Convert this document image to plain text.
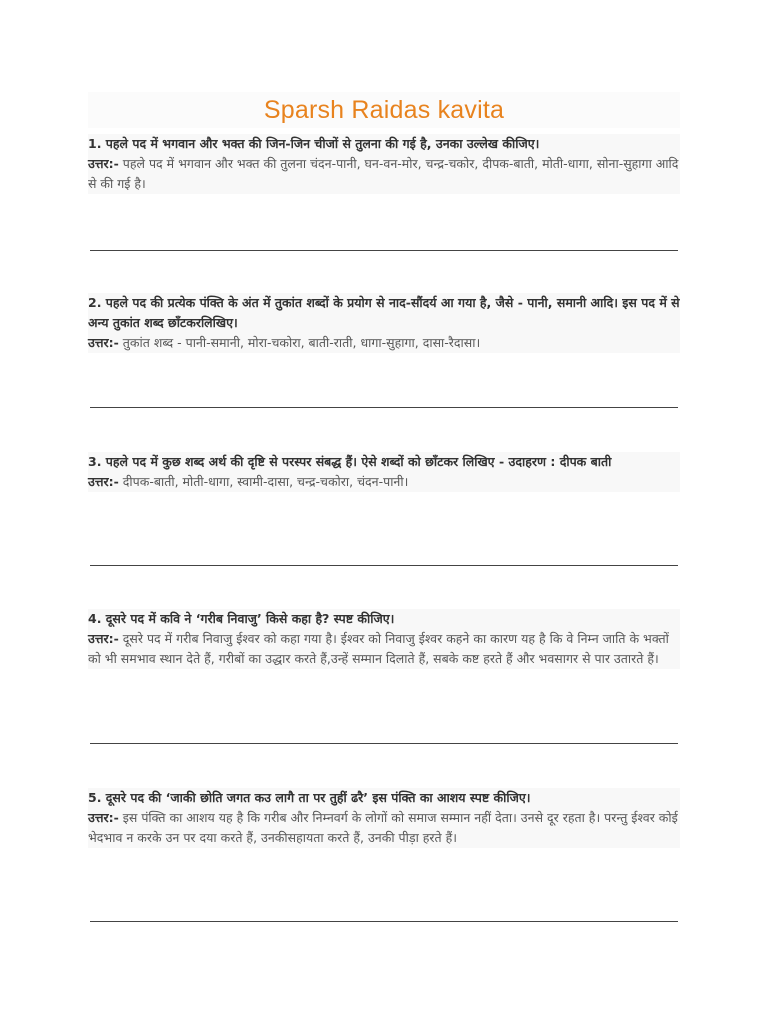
Sparsh Raidas kavita
1. पहले पद में भगवान और भक्त की जिन-जिन चीजों से तुलना की गई है, उनका उल्लेख कीजिए।
उत्तर:- पहले पद में भगवान और भक्त की तुलना चंदन-पानी, घन-वन-मोर, चन्द्र-चकोर, दीपक-बाती, मोती-धागा, सोना-सुहागा आदि से की गई है।
2. पहले पद की प्रत्येक पंक्ति के अंत में तुकांत शब्दों के प्रयोग से नाद-सौंदर्य आ गया है, जैसे - पानी, समानी आदि। इस पद में से अन्य तुकांत शब्द छाँटकरलिखिए।
उत्तर:- तुकांत शब्द - पानी-समानी, मोरा-चकोरा, बाती-राती, धागा-सुहागा, दासा-रैदासा।
3. पहले पद में कुछ शब्द अर्थ की दृष्टि से परस्पर संबद्ध हैं। ऐसे शब्दों को छाँटकर लिखिए - उदाहरण : दीपक बाती
उत्तर:- दीपक-बाती, मोती-धागा, स्वामी-दासा, चन्द्र-चकोरा, चंदन-पानी।
4. दूसरे पद में कवि ने ‘गरीब निवाजु’ किसे कहा है? स्पष्ट कीजिए।
उत्तर:- दूसरे पद में गरीब निवाजु ईश्वर को कहा गया है। ईश्वर को निवाजु ईश्वर कहने का कारण यह है कि वे निम्न जाति के भक्तों को भी समभाव स्थान देते हैं, गरीबों का उद्धार करते हैं,उन्हें सम्मान दिलाते हैं, सबके कष्ट हरते हैं और भवसागर से पार उतारते हैं।
5. दूसरे पद की ‘जाकी छोति जगत कउ लागै ता पर तुहीं ढरै’ इस पंक्ति का आशय स्पष्ट कीजिए।
उत्तर:- इस पंक्ति का आशय यह है कि गरीब और निम्नवर्ग के लोगों को समाज सम्मान नहीं देता। उनसे दूर रहता है। परन्तु ईश्वर कोई भेदभाव न करके उन पर दया करते हैं, उनकीसहायता करते हैं, उनकी पीड़ा हरते हैं।
